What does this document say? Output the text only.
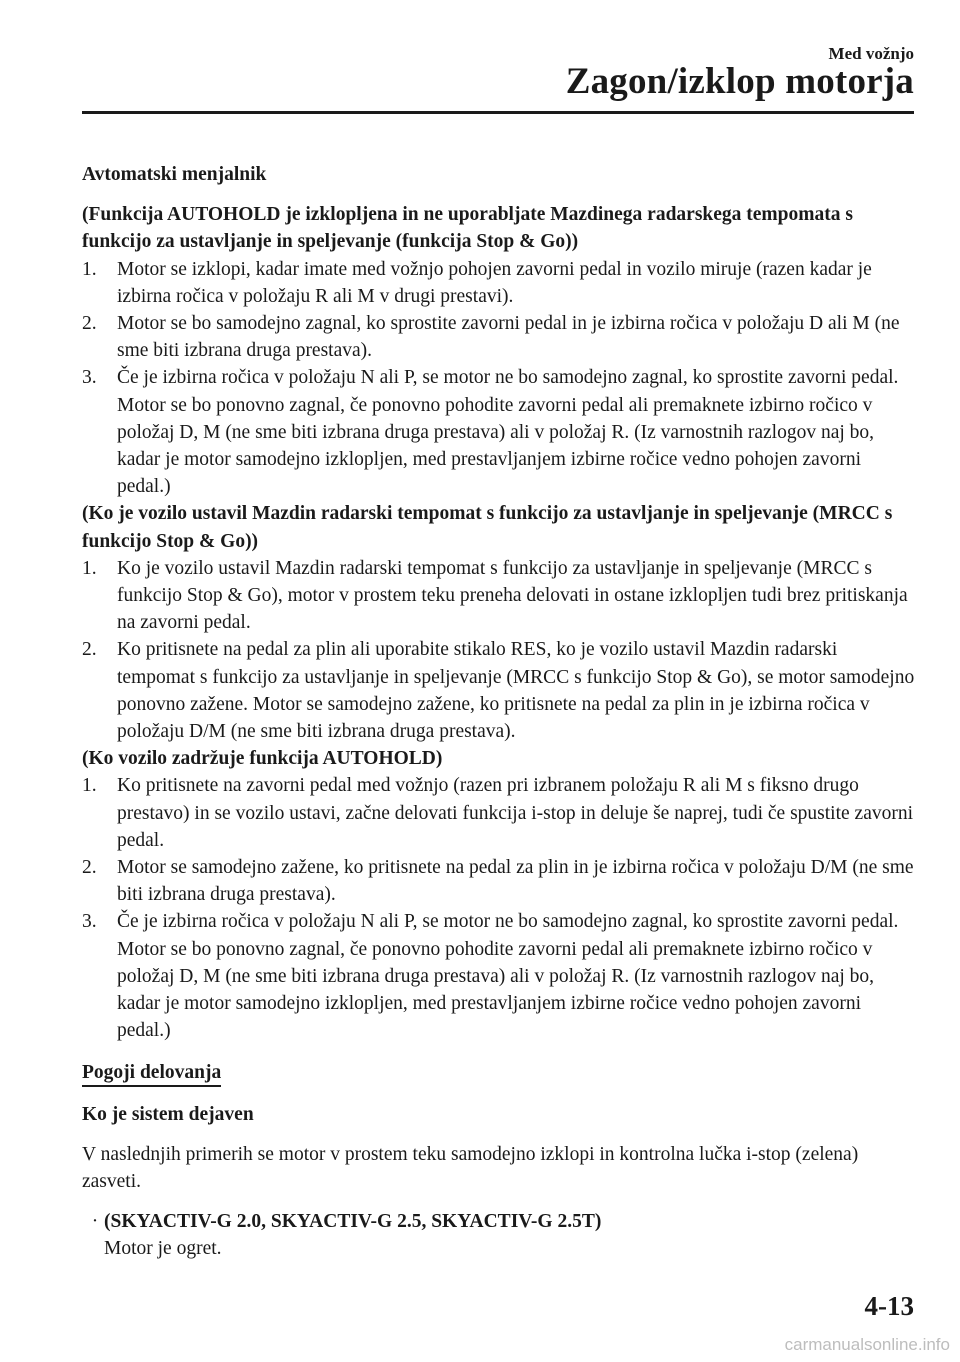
Med vožnjo
Zagon/izklop motorja

Avtomatski menjalnik

(Funkcija AUTOHOLD je izklopljena in ne uporabljate Mazdinega radarskega tempomata s funkcijo za ustavljanje in speljevanje (funkcija Stop & Go))

1.	Motor se izklopi, kadar imate med vožnjo pohojen zavorni pedal in vozilo miruje (razen kadar je izbirna ročica v položaju R ali M v drugi prestavi).
2.	Motor se bo samodejno zagnal, ko sprostite zavorni pedal in je izbirna ročica v položaju D ali M (ne sme biti izbrana druga prestava).
3.	Če je izbirna ročica v položaju N ali P, se motor ne bo samodejno zagnal, ko sprostite zavorni pedal. Motor se bo ponovno zagnal, če ponovno pohodite zavorni pedal ali premaknete izbirno ročico v položaj D, M (ne sme biti izbrana druga prestava) ali v položaj R. (Iz varnostnih razlogov naj bo, kadar je motor samodejno izklopljen, med prestavljanjem izbirne ročice vedno pohojen zavorni pedal.)

(Ko je vozilo ustavil Mazdin radarski tempomat s funkcijo za ustavljanje in speljevanje (MRCC s funkcijo Stop & Go))

1.	Ko je vozilo ustavil Mazdin radarski tempomat s funkcijo za ustavljanje in speljevanje (MRCC s funkcijo Stop & Go), motor v prostem teku preneha delovati in ostane izklopljen tudi brez pritiskanja na zavorni pedal.
2.	Ko pritisnete na pedal za plin ali uporabite stikalo RES, ko je vozilo ustavil Mazdin radarski tempomat s funkcijo za ustavljanje in speljevanje (MRCC s funkcijo Stop & Go), se motor samodejno ponovno zažene. Motor se samodejno zažene, ko pritisnete na pedal za plin in je izbirna ročica v položaju D/M (ne sme biti izbrana druga prestava).

(Ko vozilo zadržuje funkcija AUTOHOLD)

1.	Ko pritisnete na zavorni pedal med vožnjo (razen pri izbranem položaju R ali M s fiksno drugo prestavo) in se vozilo ustavi, začne delovati funkcija i-stop in deluje še naprej, tudi če spustite zavorni pedal.
2.	Motor se samodejno zažene, ko pritisnete na pedal za plin in je izbirna ročica v položaju D/M (ne sme biti izbrana druga prestava).
3.	Če je izbirna ročica v položaju N ali P, se motor ne bo samodejno zagnal, ko sprostite zavorni pedal. Motor se bo ponovno zagnal, če ponovno pohodite zavorni pedal ali premaknete izbirno ročico v položaj D, M (ne sme biti izbrana druga prestava) ali v položaj R. (Iz varnostnih razlogov naj bo, kadar je motor samodejno izklopljen, med prestavljanjem izbirne ročice vedno pohojen zavorni pedal.)

Pogoji delovanja

Ko je sistem dejaven

V naslednjih primerih se motor v prostem teku samodejno izklopi in kontrolna lučka i-stop (zelena) zasveti.

· (SKYACTIV-G 2.0, SKYACTIV-G 2.5, SKYACTIV-G 2.5T)
Motor je ogret.
4-13
carmanualsonline.info
